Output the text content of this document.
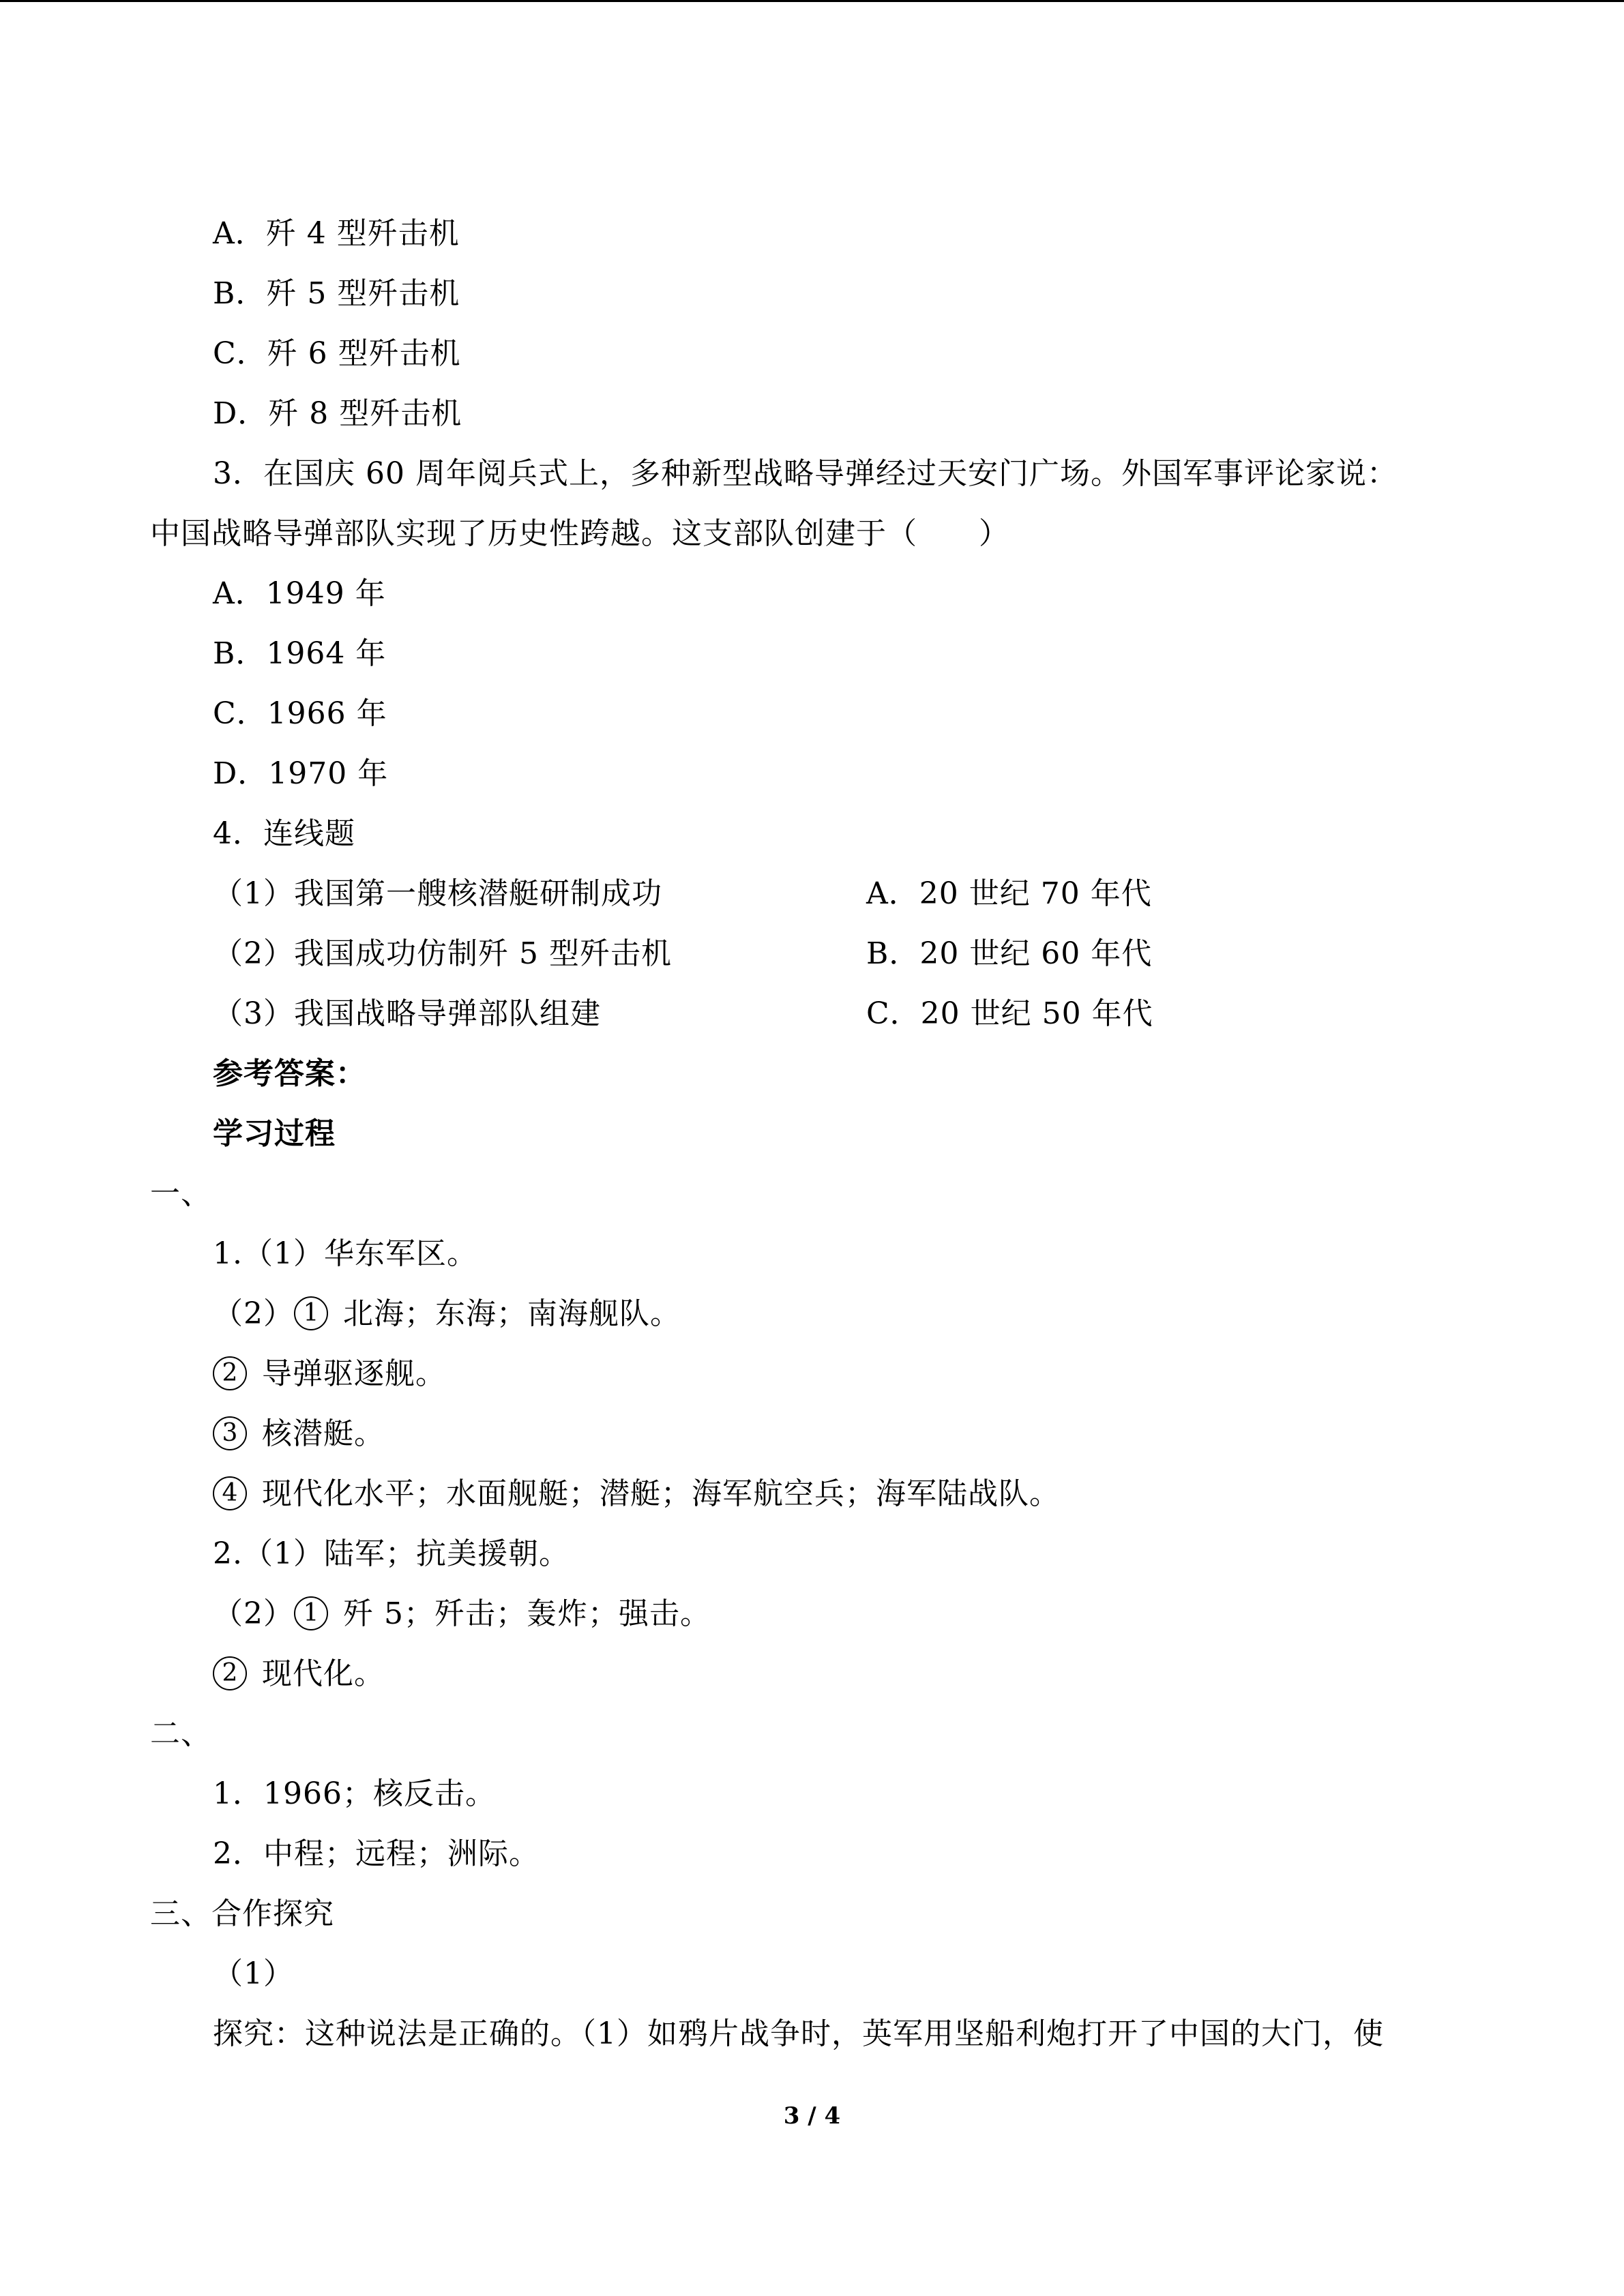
A．歼 4 型歼击机
B．歼 5 型歼击机
C．歼 6 型歼击机
D．歼 8 型歼击机
3．在国庆 60 周年阅兵式上，多种新型战略导弹经过天安门广场。外国军事评论家说：
中国战略导弹部队实现了历史性跨越。这支部队创建于（　　）
A．1949 年
B．1964 年
C．1966 年
D．1970 年
4．连线题
（1）我国第一艘核潜艇研制成功	A．20 世纪 70 年代
（2）我国成功仿制歼 5 型歼击机	B．20 世纪 60 年代
（3）我国战略导弹部队组建	C．20 世纪 50 年代
参考答案：
学习过程
一、
1.（1）华东军区。
（2） 1 北海；东海；南海舰队。
2 导弹驱逐舰。
3 核潜艇。
4 现代化水平；水面舰艇；潜艇；海军航空兵；海军陆战队。
2.（1）陆军；抗美援朝。
（2） 1 歼 5；歼击；轰炸；强击。
2 现代化。
二、
1．1966；核反击。
2．中程；远程；洲际。
三、合作探究
（1）
探究：这种说法是正确的。（1）如鸦片战争时，英军用坚船利炮打开了中国的大门，使
3 / 4
